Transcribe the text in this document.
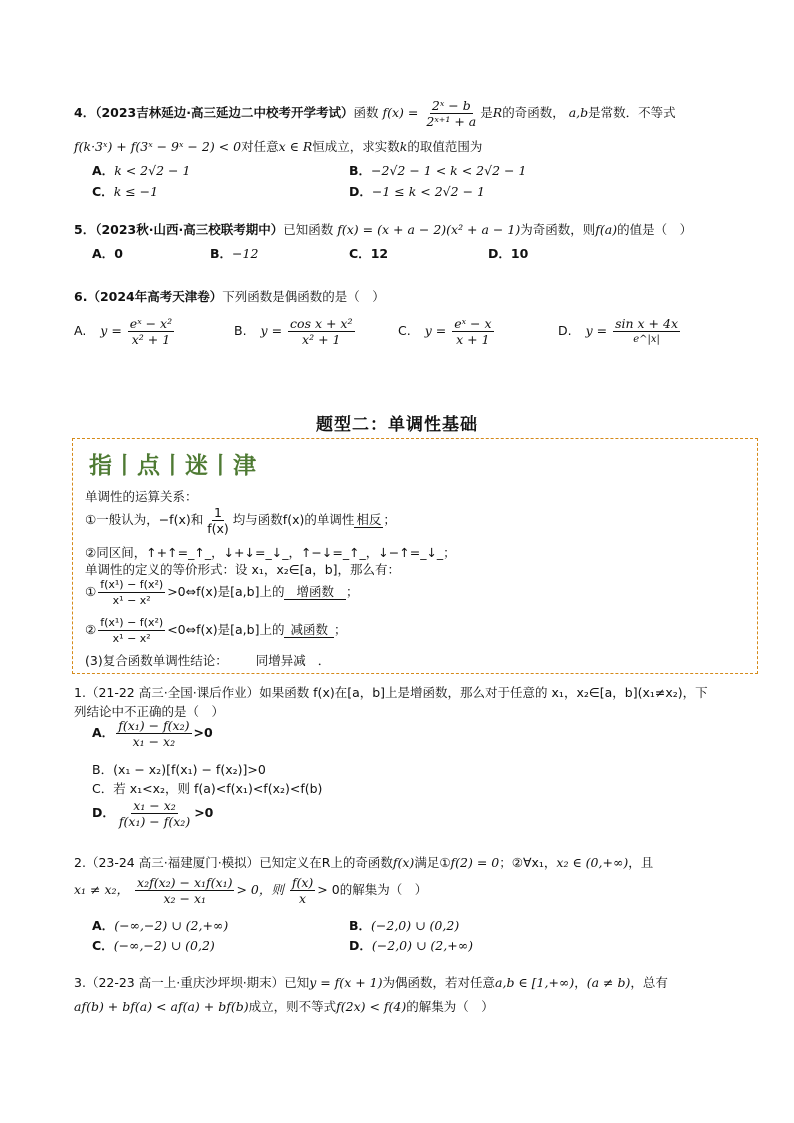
4．（2023吉林延边·高三延边二中校考开学考试）函数 $f(x) = \frac{\text{2ˣ − b}}{\text{2ˣ⁺¹ + a}}$ 是R的奇函数， a,b是常数．不等式
f(k·3ˣ) + f(3ˣ − 9ˣ − 2) < 0对任意x ∈ R恒成立，求实数k的取值范围为
A．k < 2√2 − 1	B．−2√2 − 1 < k < 2√2 − 1
C．k ≤ −1	D．−1 ≤ k < 2√2 − 1
5．（2023秋·山西·高三校联考期中）已知函数 f(x) = (x + a − 2)(x² + a − 1)为奇函数，则f(a)的值是（　）
A．0	B．−12	C．12	D．10
6.（2024年高考天津卷）下列函数是偶函数的是（　）
A. $y = \frac{\text{eˣ − x²}}{\text{x² + 1}}$	B. $y = \frac{\text{cos x + x²}}{\text{x² + 1}}$	C. $y = \frac{\text{eˣ − x}}{x + 1}$	D. $y = \frac{\text{sin x + 4x}}{e\^{}|x|}$
题型二：单调性基础
指丨点丨迷丨津
单调性的运算关系：
①一般认为，−f(x)和 $\frac{1}{f(x)}$ 均与函数f(x)的单调性 相反 ；
②同区间，↑+↑=_↑_，↓+↓=_↓_，↑−↓=_↑_，↓−↑=_↓_；
单调性的定义的等价形式：设 x₁，x₂∈[a，b]，那么有：
① $\frac{\text{f(x¹) − f(x²)}}{\text{x¹ − x²}}$ >0⇔f(x)是[a,b]上的 增函数 ；
② $\frac{\text{f(x¹) − f(x²)}}{\text{x¹ − x²}}$ <0⇔f(x)是[a,b]上的 减函数 ；
(3)复合函数单调性结论： 同增异减 ．
1.（21-22 高三·全国·课后作业）如果函数 f(x)在[a，b]上是增函数，那么对于任意的 x₁，x₂∈[a，b](x₁≠x₂)，下
列结论中不正确的是（　）
A． $\frac{\text{f(x₁) − f(x₂)}}{\text{x₁ − x₂}} >0$
B．(x₁ − x₂)[f(x₁) − f(x₂)]>0
C．若 x₁<x₂，则 f(a)<f(x₁)<f(x₂)<f(b)
D． $\frac{\text{x₁ − x₂}}{\text{f(x₁) − f(x₂)}} >0$
2.（23-24 高三·福建厦门·模拟）已知定义在R上的奇函数f(x)满足①f(2) = 0；②∀x₁，x₂ ∈ (0,+∞)，且
x₁ ≠ x₂， $\frac{\text{x₂f(x₂) − x₁f(x₁)}}{\text{x₂ − x₁}} > 0$，则 $\frac{f(x)}{x} > 0$的解集为（　）
A．(−∞,−2) ∪ (2,+∞)	B．(−2,0) ∪ (0,2)
C．(−∞,−2) ∪ (0,2)	D．(−2,0) ∪ (2,+∞)
3.（22-23 高一上·重庆沙坪坝·期末）已知y = f(x + 1)为偶函数，若对任意a,b ∈ [1,+∞)，(a ≠ b)，总有
af(b) + bf(a) < af(a) + bf(b)成立，则不等式f(2x) < f(4)的解集为（　）
